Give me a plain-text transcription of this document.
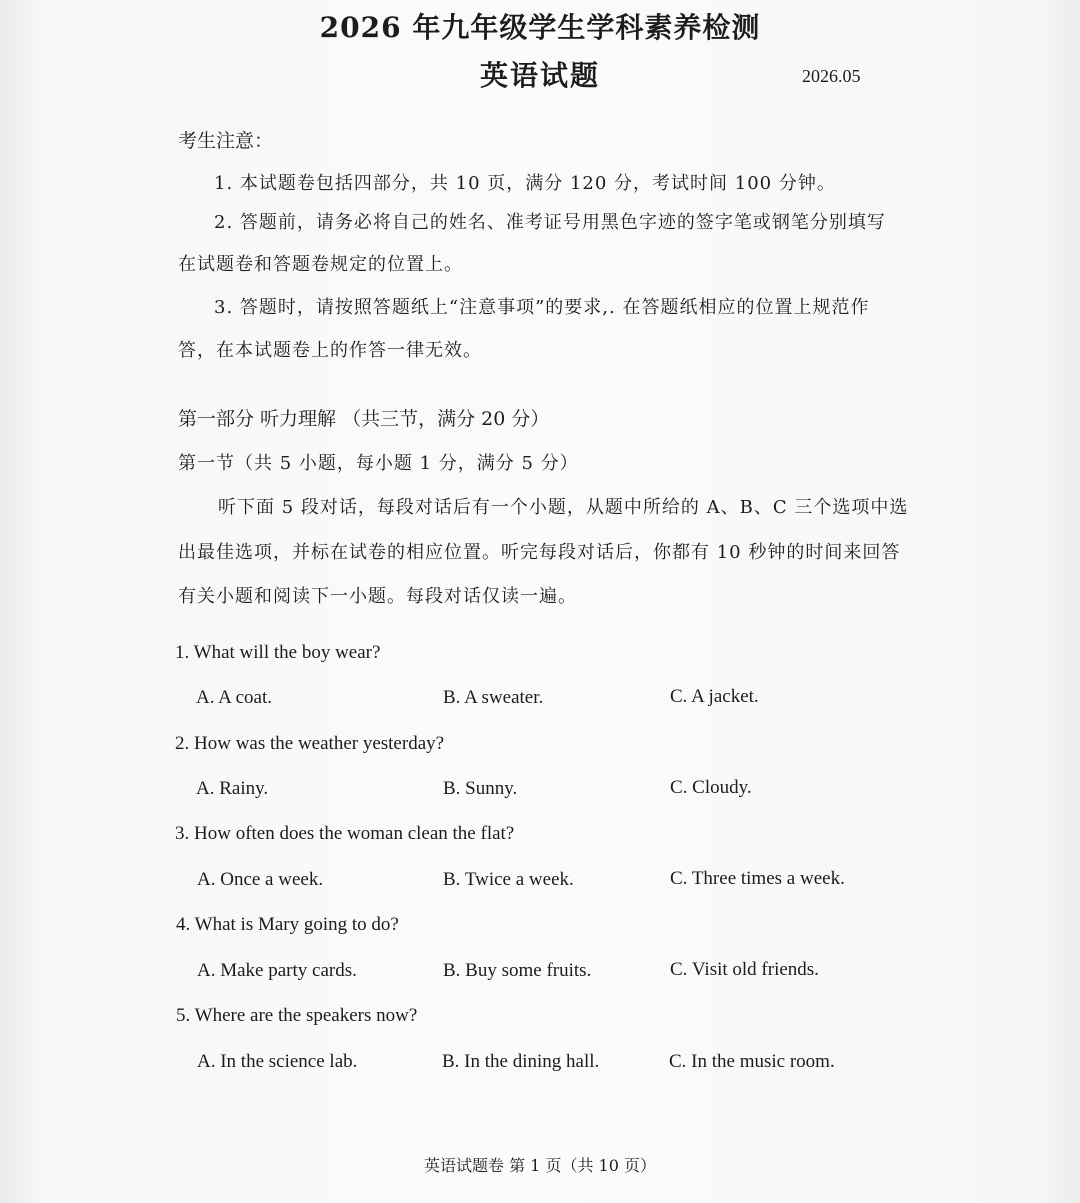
2026 年九年级学生学科素养检测
英语试题	2026.05
考生注意：
1. 本试题卷包括四部分，共 10 页，满分 120 分，考试时间 100 分钟。
2. 答题前，请务必将自己的姓名、准考证号用黑色字迹的签字笔或钢笔分别填写
在试题卷和答题卷规定的位置上。
3. 答题时，请按照答题纸上“注意事项”的要求,. 在答题纸相应的位置上规范作
答，在本试题卷上的作答一律无效。
第一部分 听力理解 （共三节，满分 20 分）
第一节（共 5 小题，每小题 1 分，满分 5 分）
听下面 5 段对话，每段对话后有一个小题，从题中所给的 A、B、C 三个选项中选
出最佳选项，并标在试卷的相应位置。听完每段对话后，你都有 10 秒钟的时间来回答
有关小题和阅读下一小题。每段对话仅读一遍。
1. What will the boy wear?
A. A coat.	B. A sweater.	C. A jacket.
2. How was the weather yesterday?
A. Rainy.	B. Sunny.	C. Cloudy.
3. How often does the woman clean the flat?
A. Once a week.	B. Twice a week.	C. Three times a week.
4. What is Mary going to do?
A. Make party cards.	B. Buy some fruits.	C. Visit old friends.
5. Where are the speakers now?
A. In the science lab.	B. In the dining hall.	C. In the music room.
英语试题卷 第 1 页（共 10 页）
